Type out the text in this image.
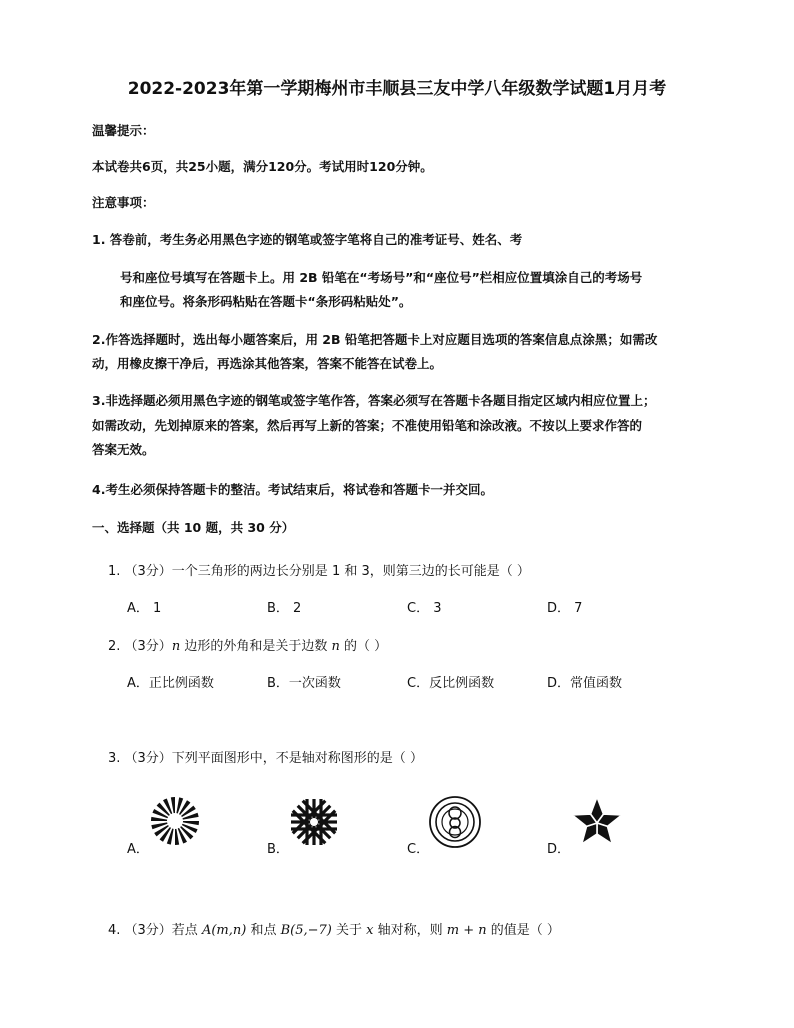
2022-2023年第一学期梅州市丰顺县三友中学八年级数学试题1月月考
温馨提示：
本试卷共6页，共25小题，满分120分。考试用时120分钟。
注意事项：
1. 答卷前，考生务必用黑色字迹的钢笔或签字笔将自己的准考证号、姓名、考
号和座位号填写在答题卡上。用 2B 铅笔在“考场号”和“座位号”栏相应位置填涂自己的考场号
和座位号。将条形码粘贴在答题卡“条形码粘贴处”。
2.作答选择题时，选出每小题答案后，用 2B 铅笔把答题卡上对应题目选项的答案信息点涂黑；如需改
动，用橡皮擦干净后，再选涂其他答案，答案不能答在试卷上。
3.非选择题必须用黑色字迹的钢笔或签字笔作答，答案必须写在答题卡各题目指定区域内相应位置上；
如需改动，先划掉原来的答案，然后再写上新的答案；不准使用铅笔和涂改液。不按以上要求作答的
答案无效。
4.考生必须保持答题卡的整洁。考试结束后，将试卷和答题卡一并交回。
一、选择题（共 10 题，共 30 分）
1. （3分）一个三角形的两边长分别是 1 和 3，则第三边的长可能是（ ）
A． 1	B． 2	C． 3	D． 7
2. （3分）n 边形的外角和是关于边数 n 的（ ）
A．正比例函数	B．一次函数	C．反比例函数	D．常值函数
3. （3分）下列平面图形中，不是轴对称图形的是（ ）
A．	B．	C．	D．
4. （3分）若点 A(m,n) 和点 B(5,−7) 关于 x 轴对称，则 m + n 的值是（ ）
